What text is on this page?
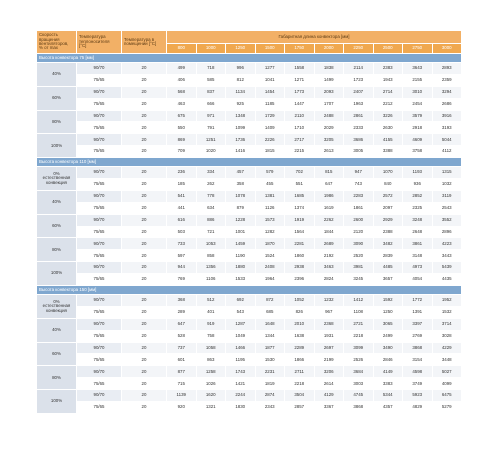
Скорость
вращения
вентиляторов,
% от max	Температура
теплоносителя
[°С]	Температура в
помещении [°С]	Габаритная длина конвектора [мм]									
			800	1000	1250	1500	1750	2000	2250	2500	2750	3000
Высота конвектора 75 [мм]												
40%	90/70	20	499	718	996	1277	1558	1838	2114	2383	3643	2893
	75/65	20	406	585	812	1041	1271	1499	1723	1943	2155	2359
60%	90/70	20	568	837	1134	1454	1773	2093	2407	2714	3010	3294
	75/65	20	463	666	925	1185	1447	1707	1963	2212	2454	2686
80%	90/70	20	675	971	1348	1729	2110	2488	2861	3226	3579	3916
	75/65	20	550	791	1099	1409	1710	2029	2333	2630	2918	3193
100%	90/70	20	869	1251	1736	2226	2717	3205	3686	4155	4609	5044
	75/65	20	709	1020	1416	1815	2215	2613	3005	3388	3758	4112
Высота конвектора 110 [мм]												
0%
естественная
конвекция	90/70	20	236	334	457	579	702	815	947	1070	1193	1315
	75/65	20	185	262	358	455	551	647	743	840	936	1032
40%	90/70	20	541	778	1078	1381	1685	1986	2283	2572	2852	3119
	75/65	20	441	634	879	1126	1374	1619	1861	2097	2325	2543
60%	90/70	20	616	886	1228	1573	1919	2262	2600	2929	3248	3552
	75/65	20	503	721	1001	1282	1564	1844	2120	2388	2648	2896
80%	90/70	20	733	1053	1459	1870	2281	2689	3090	3482	3861	4223
	75/65	20	597	858	1190	1524	1860	2192	2520	2839	3148	3443
100%	90/70	20	944	1356	1880	2408	2938	3463	3981	4485	4973	5439
	75/65	20	769	1106	1533	1964	2396	2824	3245	3657	4054	4435
Высота конвектора 150 [мм]												
0%
естественная
конвекция	90/70	20	368	512	692	872	1052	1232	1412	1592	1772	1952
	75/65	20	289	401	543	685	826	967	1108	1250	1391	1532
40%	90/70	20	647	919	1287	1648	2010	2368	2721	3065	3397	3714
	75/65	20	528	758	1049	1344	1638	1931	2218	2499	2769	3028
60%	90/70	20	737	1058	1466	1877	2289	2697	3099	3490	3868	4229
	75/65	20	601	863	1195	1530	1866	2199	2526	2846	3154	3448
80%	90/70	20	877	1258	1743	2231	2711	3206	3684	4149	4598	5027
	75/65	20	715	1026	1421	1819	2218	2614	3003	3383	3749	4099
100%	90/70	20	1139	1620	2244	2874	3504	4129	4745	5344	5923	6475
	75/65	20	920	1321	1830	2343	2857	3367	3868	4357	4829	5279
